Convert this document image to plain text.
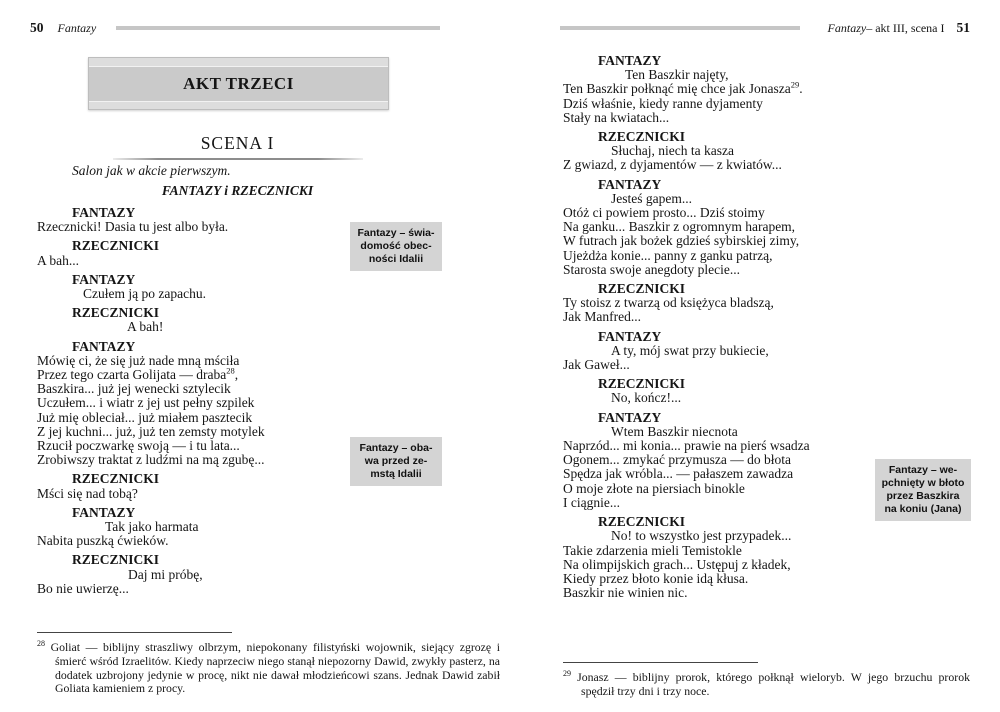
50 Fantazy
AKT TRZECI
SCENA I
Salon jak w akcie pierwszym.
FANTAZY i RZECZNICKI
FANTAZY
Rzecznicki! Dasia tu jest albo była.
RZECZNICKI
A bah...
FANTAZY
Czułem ją po zapachu.
RZECZNICKI
A bah!
FANTAZY
Mówię ci, że się już nade mną mściła
Przez tego czarta Golijata — draba$^{28}$,
Baszkira... już jej wenecki sztylecik
Uczułem... i wiatr z jej ust pełny szpilek
Już mię obleciał... już miałem pasztecik
Z jej kuchni... już, już ten zemsty motylek
Rzucił poczwarkę swoją — i tu lata...
Zrobiwszy traktat z ludźmi na mą zgubę...
RZECZNICKI
Mści się nad tobą?
FANTAZY
Tak jako harmata
Nabita puszką ćwieków.
RZECZNICKI
Daj mi próbę,
Bo nie uwierzę...
$^{28}$ Goliat — biblijny straszliwy olbrzym, niepokonany filistyński wojownik, siejący zgrozę i śmierć wśród Izraelitów. Kiedy naprzeciw niego stanął niepozorny Dawid, zwykły pasterz, na dodatek uzbrojony jedynie w procę, nikt nie dawał młodzieńcowi szans. Jednak Dawid zabił Goliata kamieniem z procy.
Fantazy – akt III, scena I 51
FANTAZY
Ten Baszkir najęty,
Ten Baszkir połknąć mię chce jak Jonasza$^{29}$.
Dziś właśnie, kiedy ranne dyjamenty
Stały na kwiatach...
RZECZNICKI
Słuchaj, niech ta kasza
Z gwiazd, z dyjamentów — z kwiatów...
FANTAZY
Jesteś gapem...
Otóż ci powiem prosto... Dziś stoimy
Na ganku... Baszkir z ogromnym harapem,
W futrach jak bożek gdzieś sybirskiej zimy,
Ujeżdża konie... panny z ganku patrzą,
Starosta swoje anegdoty plecie...
RZECZNICKI
Ty stoisz z twarzą od księżyca bladszą,
Jak Manfred...
FANTAZY
A ty, mój swat przy bukiecie,
Jak Gaweł...
RZECZNICKI
No, kończ!...
FANTAZY
Wtem Baszkir niecnota
Naprzód... mi konia... prawie na pierś wsadza
Ogonem... zmykać przymusza — do błota
Spędza jak wróbla... — pałaszem zawadza
O moje złote na piersiach binokle
I ciągnie...
RZECZNICKI
No! to wszystko jest przypadek...
Takie zdarzenia mieli Temistokle
Na olimpijskich grach... Ustępuj z kładek,
Kiedy przez błoto konie idą kłusa.
Baszkir nie winien nic.
$^{29}$ Jonasz — biblijny prorok, którego połknął wieloryb. W jego brzuchu prorok spędził trzy dni i trzy noce.
Fantazy – świa-
domość obec-
ności Idalii
Fantazy – oba-
wa przed ze-
mstą Idalii	Fantazy – we-
pchnięty w błoto
przez Baszkira
na koniu (Jana)
